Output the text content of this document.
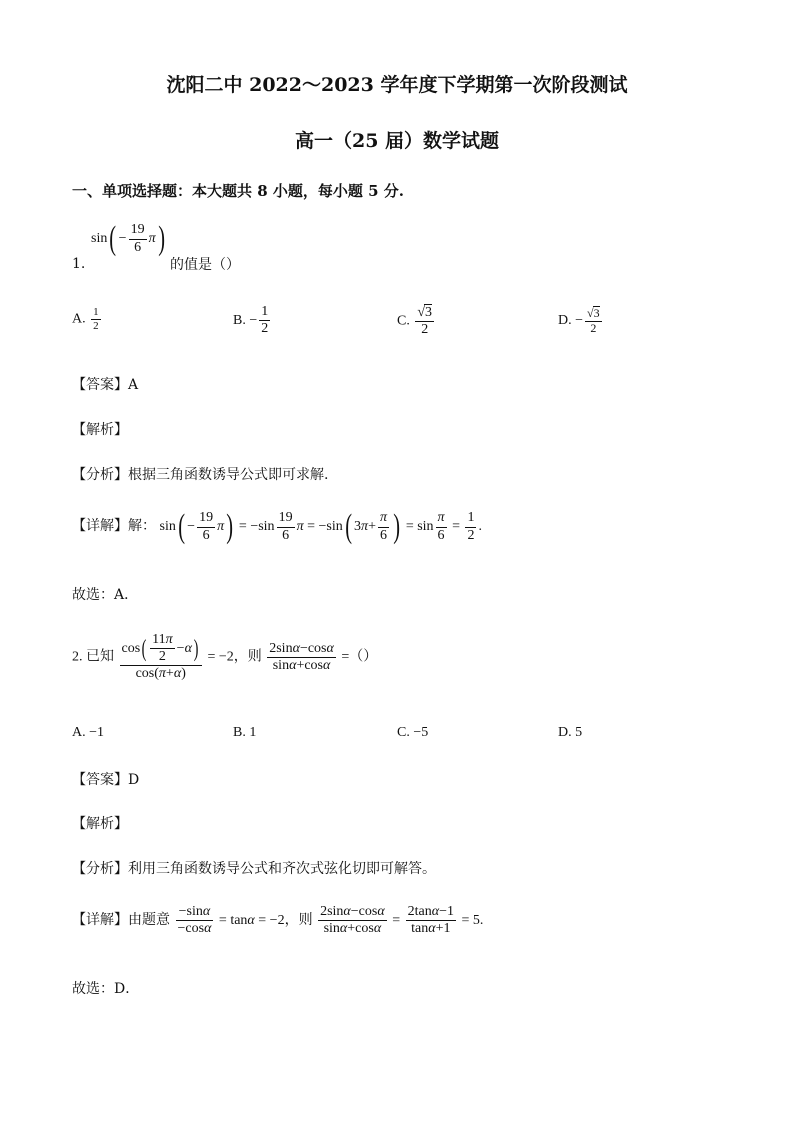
沈阳二中 2022～2023 学年度下学期第一次阶段测试
高一（25 届）数学试题
一、单项选择题：本大题共 8 小题，每小题 5 分.
$\sin( - \frac{19}{6} \pi)$
1.	的值是（）
A. $\frac{1}{2}$	B. − $\frac{1}{2}$	C. $\frac{√3}{2}$	D. − $\frac{√3}{2}$
【答案】A
【解析】
【分析】根据三角函数诱导公式即可求解.
【详解】解： $\sin( - \frac{19}{6} \pi) = -\sin \frac{19}{6}$ π = −sin( $3\pi+ \frac{\pi}{6}$ ) = $\sin \frac{\pi}{6} = \frac{1}{2}$ .
故选：A．
2. 已知 $\frac{\cos( \frac{11\pi}{2} -\alpha)}{\cos(\pi+\alpha)} = -2$，则 $\frac{2\sin\alpha-\cos\alpha}{\sin\alpha+\cos\alpha}$ =（）
A. −1	B. 1	C. −5	D. 5
【答案】D
【解析】
【分析】利用三角函数诱导公式和齐次式弦化切即可解答。
【详解】由题意 $\frac{-\sin\alpha}{-\cos\alpha} = \tan\alpha = -2$，则 $\frac{2\sin\alpha-\cos\alpha}{\sin\alpha+\cos\alpha} = \frac{2\tan\alpha-1}{\tan\alpha+1} = 5$.
故选：D．
